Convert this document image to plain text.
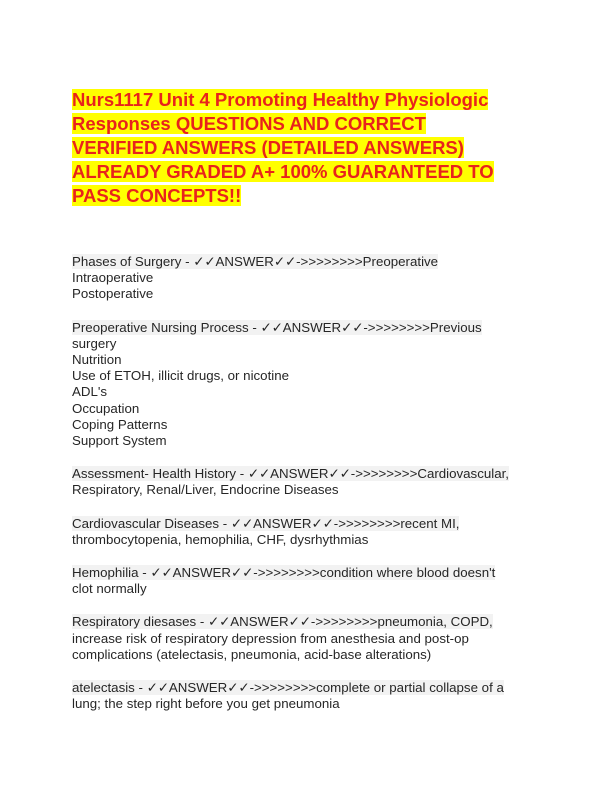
Nurs1117 Unit 4 Promoting Healthy Physiologic
Responses QUESTIONS AND CORRECT
VERIFIED ANSWERS (DETAILED ANSWERS)
ALREADY GRADED A+ 100% GUARANTEED TO
PASS CONCEPTS!!
Phases of Surgery - ✓✓ANSWER✓✓->>>>>>>>Preoperative
Intraoperative
Postoperative
Preoperative Nursing Process - ✓✓ANSWER✓✓->>>>>>>>Previous
surgery
Nutrition
Use of ETOH, illicit drugs, or nicotine
ADL's
Occupation
Coping Patterns
Support System
Assessment- Health History - ✓✓ANSWER✓✓->>>>>>>>Cardiovascular,
Respiratory, Renal/Liver, Endocrine Diseases
Cardiovascular Diseases - ✓✓ANSWER✓✓->>>>>>>>recent MI,
thrombocytopenia, hemophilia, CHF, dysrhythmias
Hemophilia - ✓✓ANSWER✓✓->>>>>>>>condition where blood doesn't
clot normally
Respiratory diesases - ✓✓ANSWER✓✓->>>>>>>>pneumonia, COPD,
increase risk of respiratory depression from anesthesia and post-op
complications (atelectasis, pneumonia, acid-base alterations)
atelectasis - ✓✓ANSWER✓✓->>>>>>>>complete or partial collapse of a
lung; the step right before you get pneumonia
